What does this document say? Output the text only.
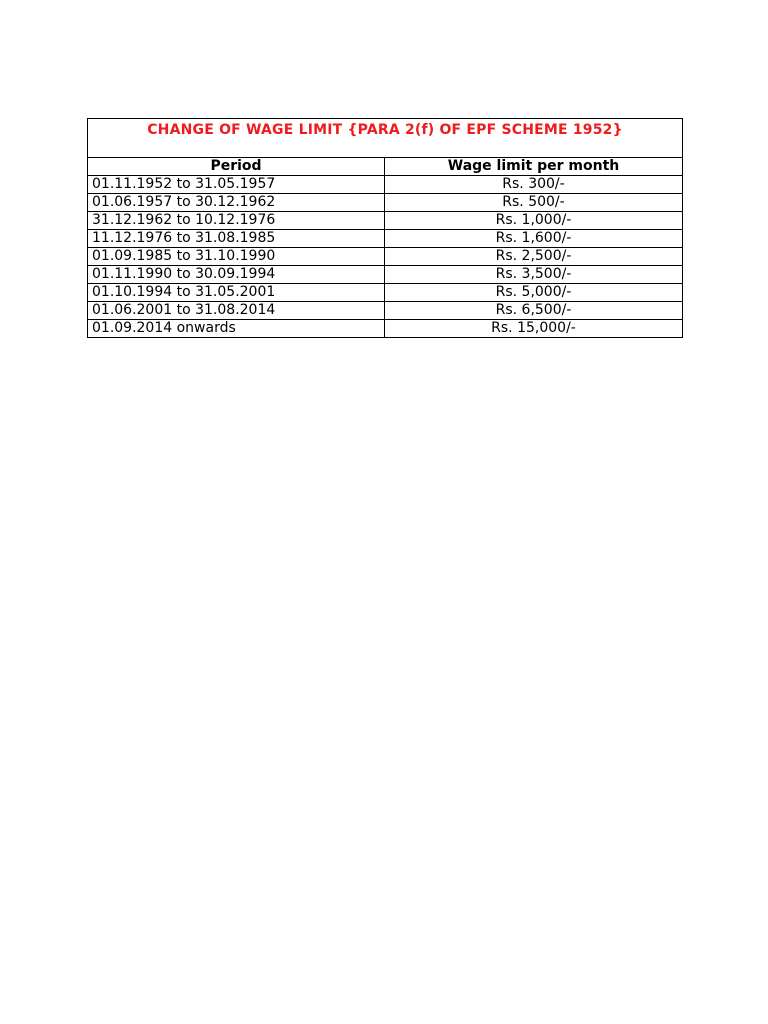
CHANGE OF WAGE LIMIT {PARA 2(f) OF EPF SCHEME 1952}	
Period	Wage limit per month
01.11.1952 to 31.05.1957	Rs. 300/-
01.06.1957 to 30.12.1962	Rs. 500/-
31.12.1962 to 10.12.1976	Rs. 1,000/-
11.12.1976 to 31.08.1985	Rs. 1,600/-
01.09.1985 to 31.10.1990	Rs. 2,500/-
01.11.1990 to 30.09.1994	Rs. 3,500/-
01.10.1994 to 31.05.2001	Rs. 5,000/-
01.06.2001 to 31.08.2014	Rs. 6,500/-
01.09.2014 onwards	Rs. 15,000/-
